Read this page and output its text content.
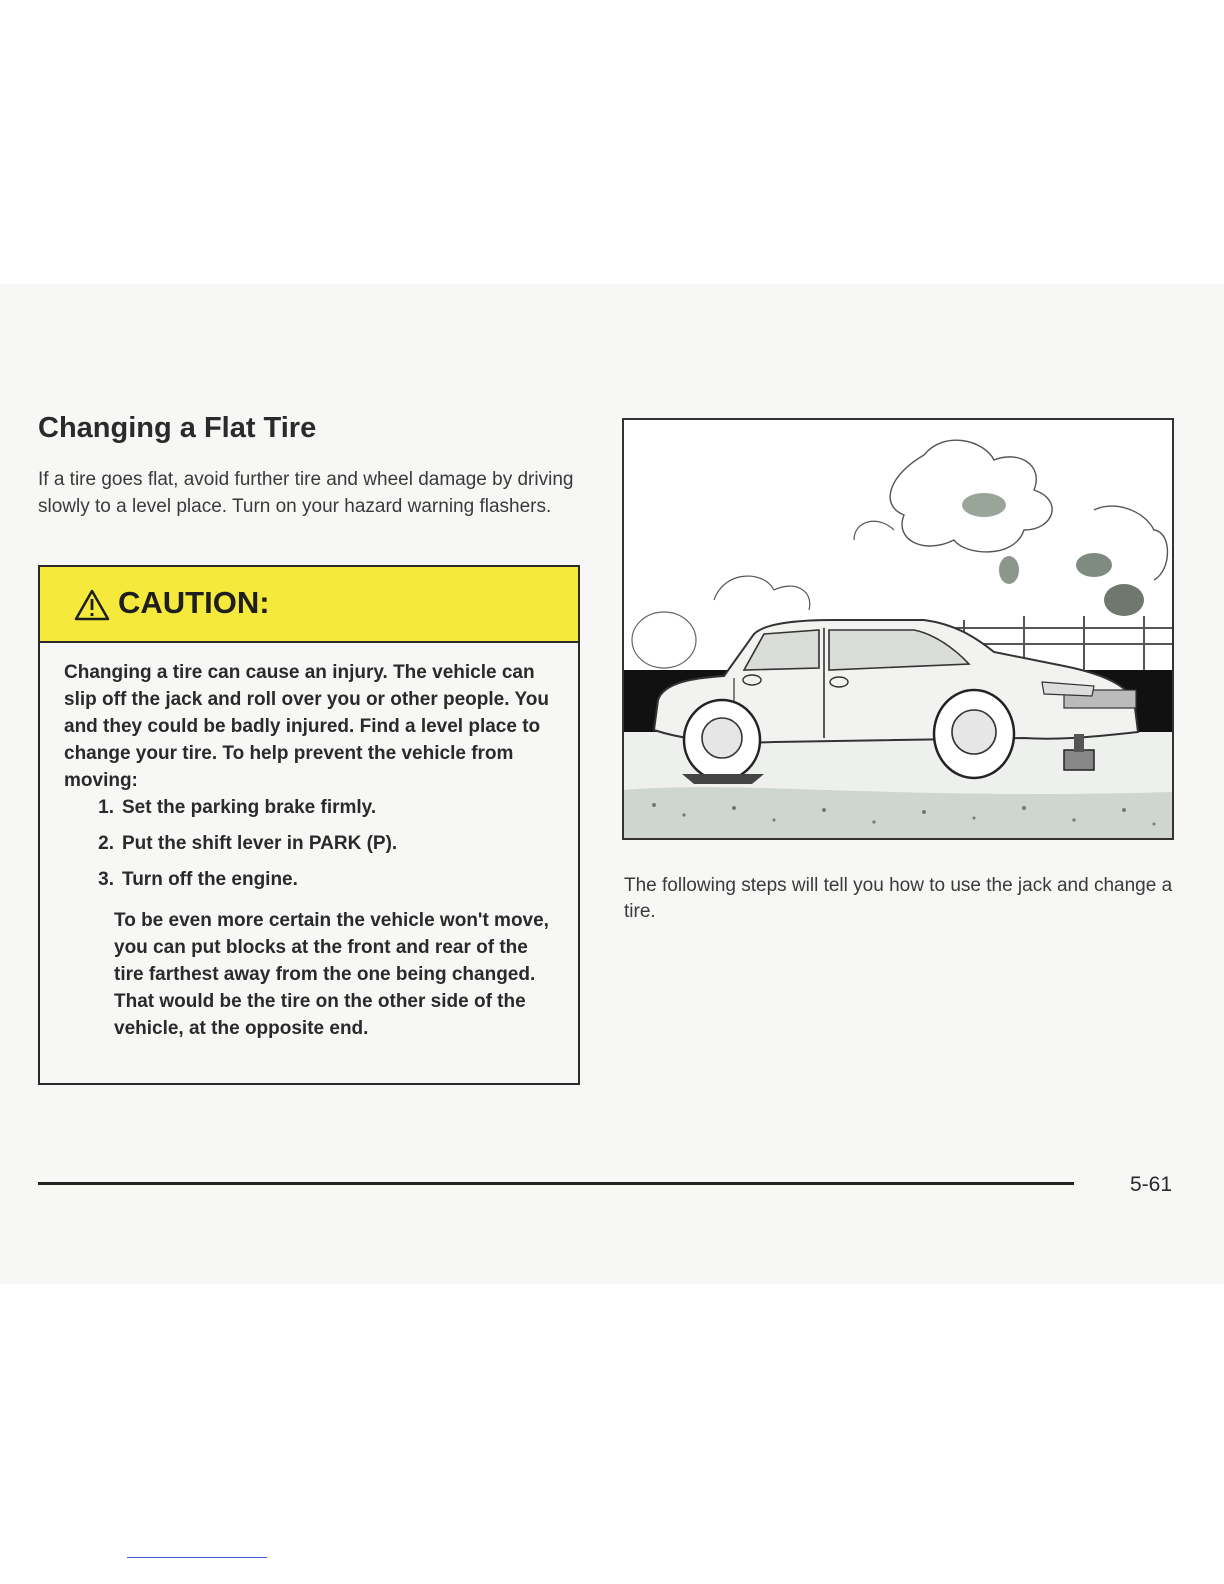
Changing a Flat Tire

If a tire goes flat, avoid further tire and wheel damage by driving slowly to a level place. Turn on your hazard warning flashers.

CAUTION:

Changing a tire can cause an injury. The vehicle can slip off the jack and roll over you or other people. You and they could be badly injured. Find a level place to change your tire. To help prevent the vehicle from moving:

1. Set the parking brake firmly.
2. Put the shift lever in PARK (P).
3. Turn off the engine.

To be even more certain the vehicle won't move, you can put blocks at the front and rear of the tire farthest away from the one being changed. That would be the tire on the other side of the vehicle, at the opposite end.

The following steps will tell you how to use the jack and change a tire.

5-61
